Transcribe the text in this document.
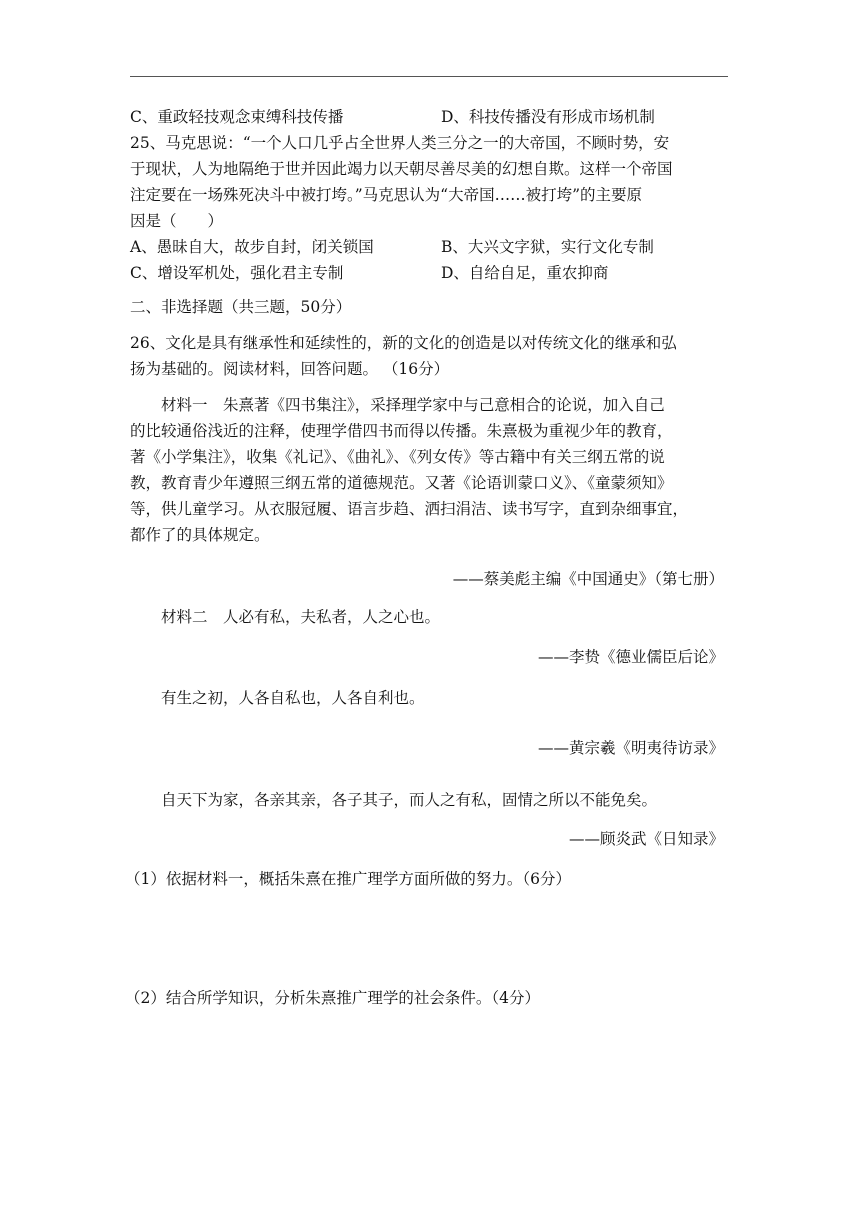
C、重政轻技观念束缚科技传播	D、科技传播没有形成市场机制
25、马克思说：“一个人口几乎占全世界人类三分之一的大帝国，不顾时势，安
于现状，人为地隔绝于世并因此竭力以天朝尽善尽美的幻想自欺。这样一个帝国
注定要在一场殊死决斗中被打垮。”马克思认为“大帝国……被打垮”的主要原
因是（　　）
A、愚昧自大，故步自封，闭关锁国	B、大兴文字狱，实行文化专制
C、增设军机处，强化君主专制	D、自给自足，重农抑商
二、非选择题（共三题，50分）
26、文化是具有继承性和延续性的，新的文化的创造是以对传统文化的继承和弘
扬为基础的。阅读材料，回答问题。 （16分）
材料一　朱熹著《四书集注》，采择理学家中与己意相合的论说，加入自己
的比较通俗浅近的注释，使理学借四书而得以传播。朱熹极为重视少年的教育，
著《小学集注》，收集《礼记》、《曲礼》、《列女传》等古籍中有关三纲五常的说
教，教育青少年遵照三纲五常的道德规范。又著《论语训蒙口义》、《童蒙须知》
等，供儿童学习。从衣服冠履、语言步趋、洒扫涓洁、读书写字，直到杂细事宜，
都作了的具体规定。
——蔡美彪主编《中国通史》（第七册）
材料二　人必有私，夫私者，人之心也。
——李贽《德业儒臣后论》
有生之初，人各自私也，人各自利也。
——黄宗羲《明夷待访录》
自天下为家，各亲其亲，各子其子，而人之有私，固情之所以不能免矣。
——顾炎武《日知录》
（1）依据材料一，概括朱熹在推广理学方面所做的努力。（6分）
（2）结合所学知识，分析朱熹推广理学的社会条件。（4分）
